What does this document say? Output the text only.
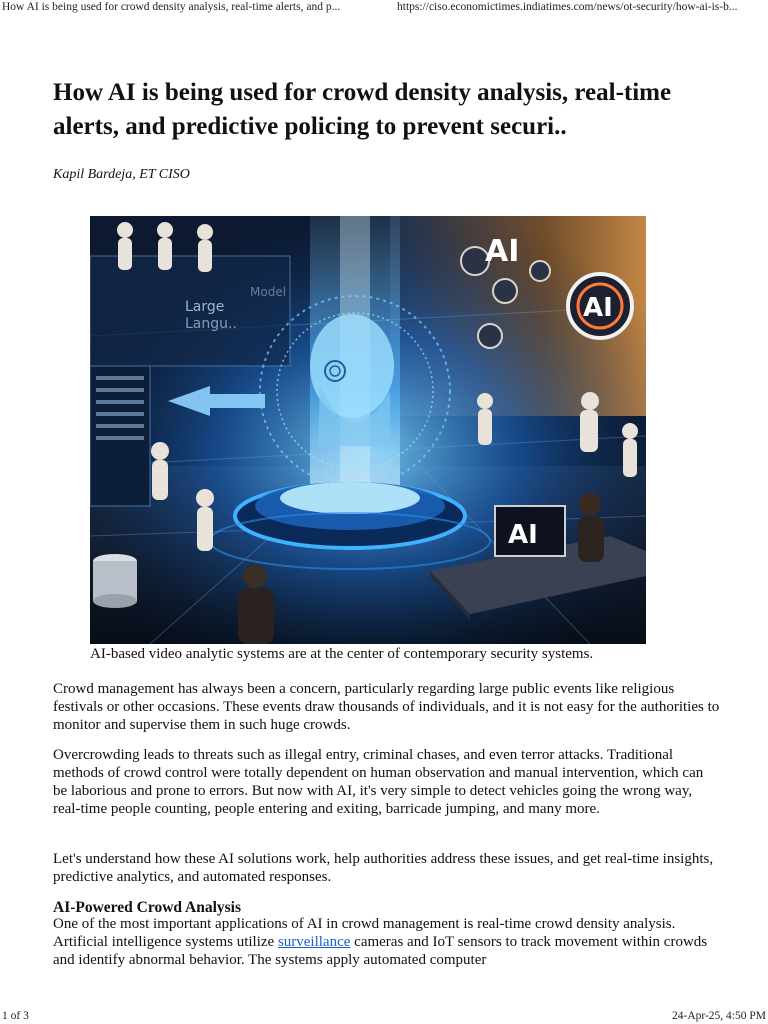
How AI is being used for crowd density analysis, real-time alerts, and p...	https://ciso.economictimes.indiatimes.com/news/ot-security/how-ai-is-b...
How AI is being used for crowd density analysis, real-time alerts, and predictive policing to prevent securi..

Kapil Bardeja, ET CISO

AI
AI
Large
Langu..
Model
AI

AI-based video analytic systems are at the center of contemporary security systems.

Crowd management has always been a concern, particularly regarding large public events like religious festivals or other occasions. These events draw thousands of individuals, and it is not easy for the authorities to monitor and supervise them in such huge crowds.

Overcrowding leads to threats such as illegal entry, criminal chases, and even terror attacks. Traditional methods of crowd control were totally dependent on human observation and manual intervention, which can be laborious and prone to errors. But now with AI, it's very simple to detect vehicles going the wrong way, real-time people counting, people entering and exiting, barricade jumping, and many more.

Let's understand how these AI solutions work, help authorities address these issues, and get real-time insights, predictive analytics, and automated responses.

AI-Powered Crowd Analysis

One of the most important applications of AI in crowd management is real-time crowd density analysis. Artificial intelligence systems utilize surveillance cameras and IoT sensors to track movement within crowds and identify abnormal behavior. The systems apply automated computer

1 of 3	24-Apr-25, 4:50 PM
